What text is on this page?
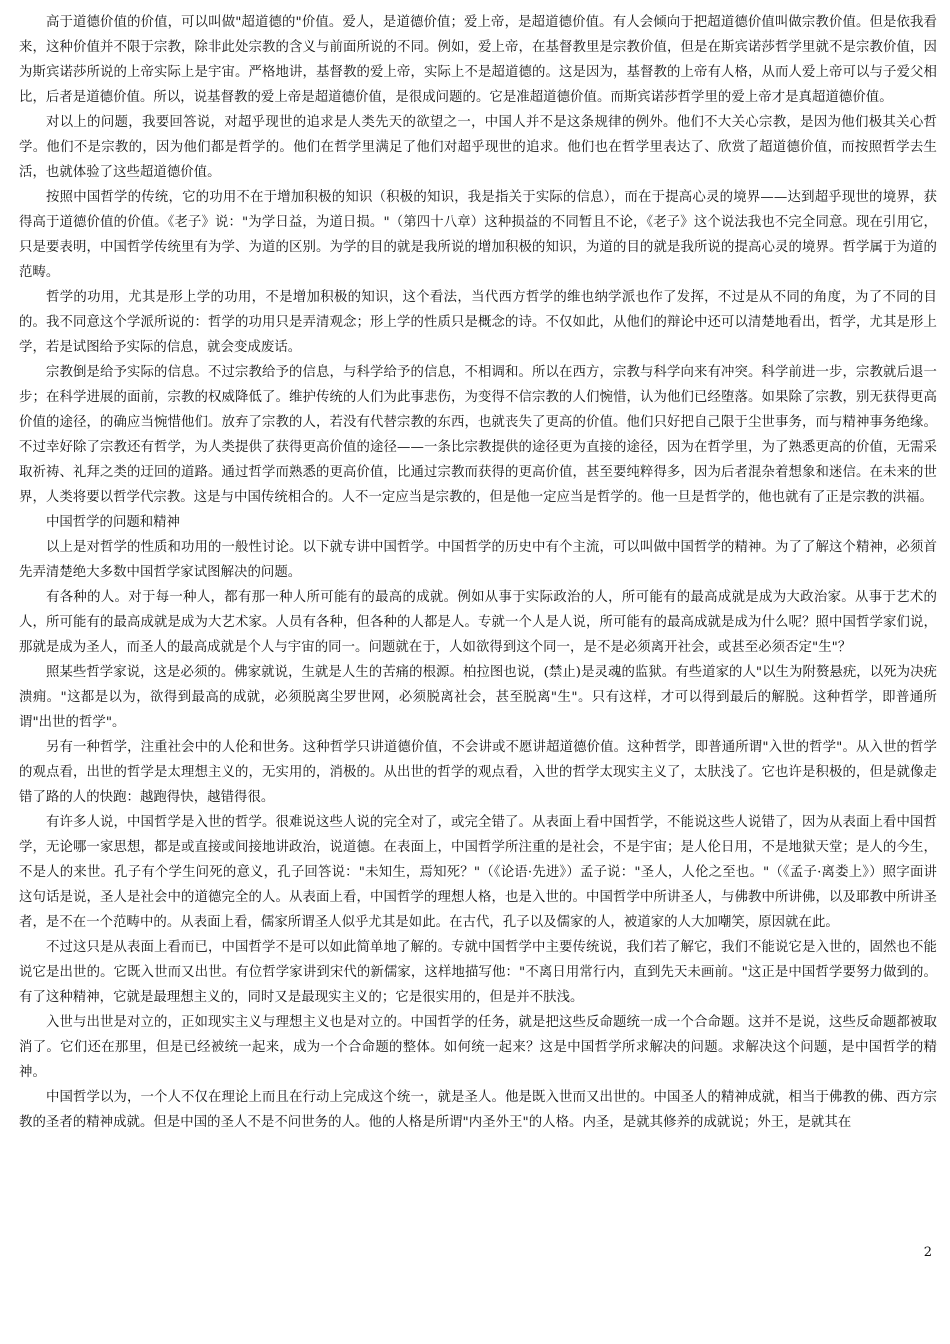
高于道德价值的价值，可以叫做"超道德的"价值。爱人，是道德价值；爱上帝，是超道德价值。有人会倾向于把超道德价值叫做宗教价值。但是依我看来，这种价值并不限于宗教，除非此处宗教的含义与前面所说的不同。例如，爱上帝，在基督教里是宗教价值，但是在斯宾诺莎哲学里就不是宗教价值，因为斯宾诺莎所说的上帝实际上是宇宙。严格地讲，基督教的爱上帝，实际上不是超道德的。这是因为，基督教的上帝有人格，从而人爱上帝可以与子爱父相比，后者是道德价值。所以，说基督教的爱上帝是超道德价值，是很成问题的。它是准超道德价值。而斯宾诺莎哲学里的爱上帝才是真超道德价值。

对以上的问题，我要回答说，对超乎现世的追求是人类先天的欲望之一，中国人并不是这条规律的例外。他们不大关心宗教，是因为他们极其关心哲学。他们不是宗教的，因为他们都是哲学的。他们在哲学里满足了他们对超乎现世的追求。他们也在哲学里表达了、欣赏了超道德价值，而按照哲学去生活，也就体验了这些超道德价值。

按照中国哲学的传统，它的功用不在于增加积极的知识（积极的知识，我是指关于实际的信息），而在于提高心灵的境界——达到超乎现世的境界，获得高于道德价值的价值。《老子》说："为学日益，为道日损。"（第四十八章）这种损益的不同暂且不论，《老子》这个说法我也不完全同意。现在引用它，只是要表明，中国哲学传统里有为学、为道的区别。为学的目的就是我所说的增加积极的知识，为道的目的就是我所说的提高心灵的境界。哲学属于为道的范畴。

哲学的功用，尤其是形上学的功用，不是增加积极的知识，这个看法，当代西方哲学的维也纳学派也作了发挥，不过是从不同的角度，为了不同的目的。我不同意这个学派所说的：哲学的功用只是弄清观念；形上学的性质只是概念的诗。不仅如此，从他们的辩论中还可以清楚地看出，哲学，尤其是形上学，若是试图给予实际的信息，就会变成废话。

宗教倒是给予实际的信息。不过宗教给予的信息，与科学给予的信息，不相调和。所以在西方，宗教与科学向来有冲突。科学前进一步，宗教就后退一步；在科学进展的面前，宗教的权威降低了。维护传统的人们为此事悲伤，为变得不信宗教的人们惋惜，认为他们已经堕落。如果除了宗教，别无获得更高价值的途径，的确应当惋惜他们。放弃了宗教的人，若没有代替宗教的东西，也就丧失了更高的价值。他们只好把自己限于尘世事务，而与精神事务绝缘。不过幸好除了宗教还有哲学，为人类提供了获得更高价值的途径——一条比宗教提供的途径更为直接的途径，因为在哲学里，为了熟悉更高的价值，无需采取祈祷、礼拜之类的迂回的道路。通过哲学而熟悉的更高价值，比通过宗教而获得的更高价值，甚至要纯粹得多，因为后者混杂着想象和迷信。在未来的世界，人类将要以哲学代宗教。这是与中国传统相合的。人不一定应当是宗教的，但是他一定应当是哲学的。他一旦是哲学的，他也就有了正是宗教的洪福。

中国哲学的问题和精神

以上是对哲学的性质和功用的一般性讨论。以下就专讲中国哲学。中国哲学的历史中有个主流，可以叫做中国哲学的精神。为了了解这个精神，必须首先弄清楚绝大多数中国哲学家试图解决的问题。

有各种的人。对于每一种人，都有那一种人所可能有的最高的成就。例如从事于实际政治的人，所可能有的最高成就是成为大政治家。从事于艺术的人，所可能有的最高成就是成为大艺术家。人员有各种，但各种的人都是人。专就一个人是人说，所可能有的最高成就是成为什么呢？照中国哲学家们说，那就是成为圣人，而圣人的最高成就是个人与宇宙的同一。问题就在于，人如欲得到这个同一，是不是必须离开社会，或甚至必须否定"生"？

照某些哲学家说，这是必须的。佛家就说，生就是人生的苦痛的根源。柏拉图也说，(禁止)是灵魂的监狱。有些道家的人"以生为附赘悬疣，以死为决疣溃痈。"这都是以为，欲得到最高的成就，必须脱离尘罗世网，必须脱离社会，甚至脱离"生"。只有这样，才可以得到最后的解脱。这种哲学，即普通所谓"出世的哲学"。

另有一种哲学，注重社会中的人伦和世务。这种哲学只讲道德价值，不会讲或不愿讲超道德价值。这种哲学，即普通所谓"入世的哲学"。从入世的哲学的观点看，出世的哲学是太理想主义的，无实用的，消极的。从出世的哲学的观点看，入世的哲学太现实主义了，太肤浅了。它也许是积极的，但是就像走错了路的人的快跑：越跑得快，越错得很。

有许多人说，中国哲学是入世的哲学。很难说这些人说的完全对了，或完全错了。从表面上看中国哲学，不能说这些人说错了，因为从表面上看中国哲学，无论哪一家思想，都是或直接或间接地讲政治，说道德。在表面上，中国哲学所注重的是社会，不是宇宙；是人伦日用，不是地狱天堂；是人的今生，不是人的来世。孔子有个学生问死的意义，孔子回答说："未知生，焉知死？"（《论语·先进》）孟子说："圣人，人伦之至也。"（《孟子·离娄上》）照字面讲这句话是说，圣人是社会中的道德完全的人。从表面上看，中国哲学的理想人格，也是入世的。中国哲学中所讲圣人，与佛教中所讲佛，以及耶教中所讲圣者，是不在一个范畴中的。从表面上看，儒家所谓圣人似乎尤其是如此。在古代，孔子以及儒家的人，被道家的人大加嘲笑，原因就在此。

不过这只是从表面上看而已，中国哲学不是可以如此简单地了解的。专就中国哲学中主要传统说，我们若了解它，我们不能说它是入世的，固然也不能说它是出世的。它既入世而又出世。有位哲学家讲到宋代的新儒家，这样地描写他："不离日用常行内，直到先天未画前。"这正是中国哲学要努力做到的。有了这种精神，它就是最理想主义的，同时又是最现实主义的；它是很实用的，但是并不肤浅。

入世与出世是对立的，正如现实主义与理想主义也是对立的。中国哲学的任务，就是把这些反命题统一成一个合命题。这并不是说，这些反命题都被取消了。它们还在那里，但是已经被统一起来，成为一个合命题的整体。如何统一起来？这是中国哲学所求解决的问题。求解决这个问题，是中国哲学的精神。

中国哲学以为，一个人不仅在理论上而且在行动上完成这个统一，就是圣人。他是既入世而又出世的。中国圣人的精神成就，相当于佛教的佛、西方宗教的圣者的精神成就。但是中国的圣人不是不问世务的人。他的人格是所谓"内圣外王"的人格。内圣，是就其修养的成就说；外王，是就其在

2
